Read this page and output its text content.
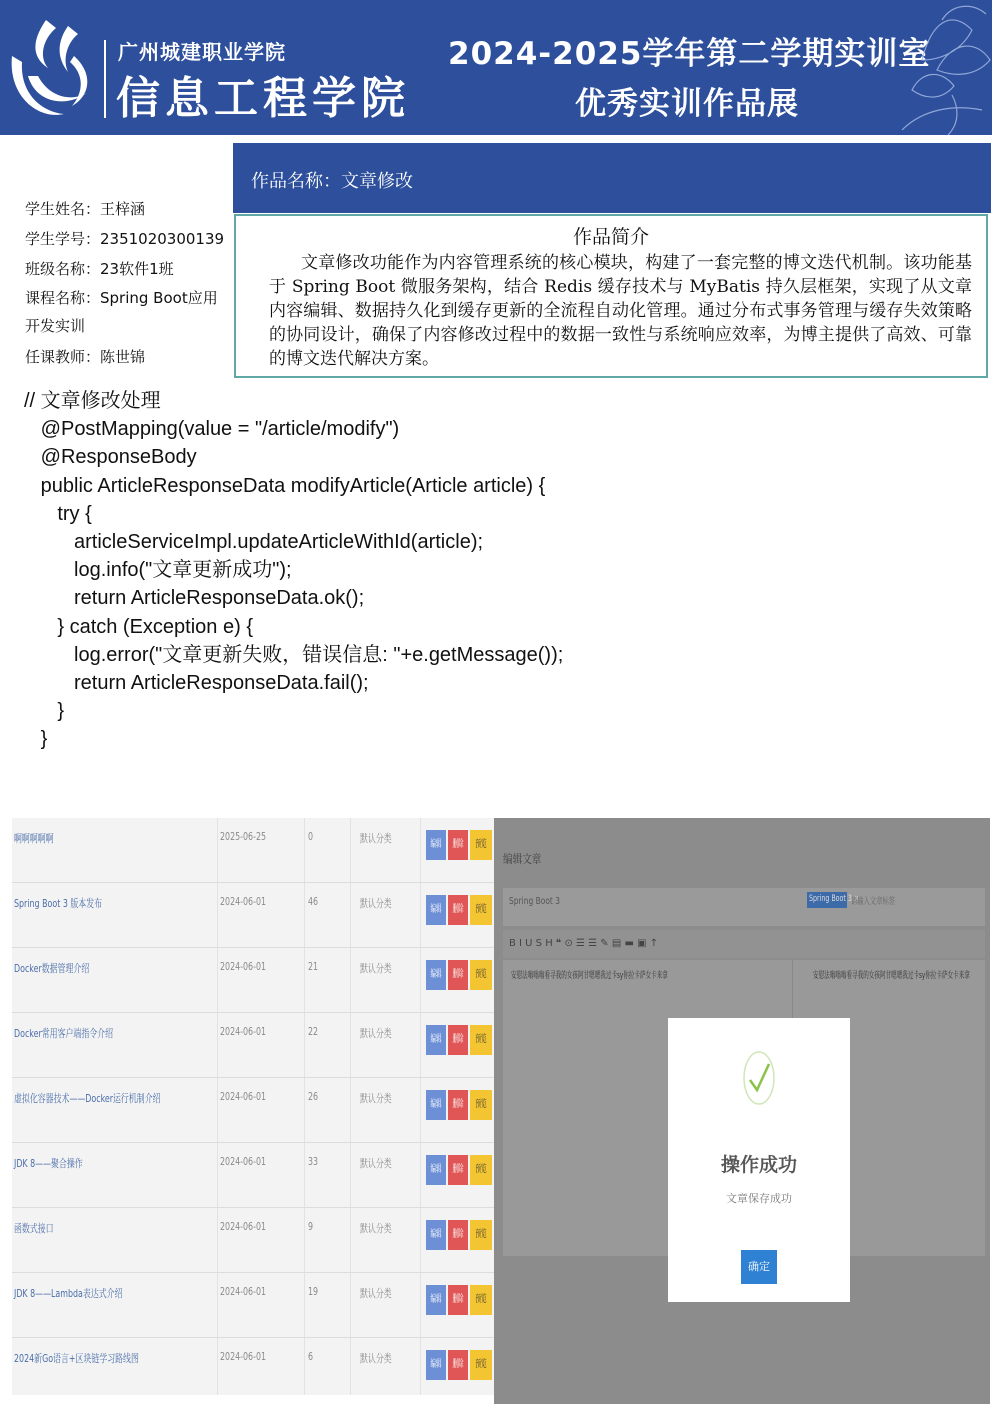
广州城建职业学院
信息工程学院
2024-2025学年第二学期实训室
优秀实训作品展
学生姓名：王梓涵
学生学号：2351020300139
班级名称：23软件1班
课程名称：Spring Boot应用开发实训
任课教师：陈世锦
作品名称：文章修改
作品简介
文章修改功能作为内容管理系统的核心模块，构建了一套完整的博文迭代机制。该功能基于 Spring Boot 微服务架构，结合 Redis 缓存技术与 MyBatis 持久层框架，实现了从文章内容编辑、数据持久化到缓存更新的全流程自动化管理。通过分布式事务管理与缓存失效策略的协同设计，确保了内容修改过程中的数据一致性与系统响应效率，为博主提供了高效、可靠的博文迭代解决方案。
// 文章修改处理
@PostMapping(value = "/article/modify")
@ResponseBody
public ArticleResponseData modifyArticle(Article article) {
try {
articleServiceImpl.updateArticleWithId(article);
log.info("文章更新成功");
return ArticleResponseData.ok();
} catch (Exception e) {
log.error("文章更新失败，错误信息: "+e.getMessage());
return ArticleResponseData.fail();
}
}
啊啊啊啊啊	2025-06-25	0	默认分类	编辑	删除	预览
Spring Boot 3 版本发布	2024-06-01	46	默认分类	编辑	删除	预览
Docker数据管理介绍	2024-06-01	21	默认分类	编辑	删除	预览
Docker常用客户端指令介绍	2024-06-01	22	默认分类	编辑	删除	预览
虚拟化容器技术——Docker运行机制介绍	2024-06-01	26	默认分类	编辑	删除	预览
JDK 8——聚合操作	2024-06-01	33	默认分类	编辑	删除	预览
函数式接口	2024-06-01	9	默认分类	编辑	删除	预览
JDK 8——Lambda表达式介绍	2024-06-01	19	默认分类	编辑	删除	预览
2024新Go语言+区块链学习路线图	2024-06-01	6	默认分类	编辑	删除	预览
编辑文章
Spring Boot 3	Spring Boot 3 ×
请输入文章标签
B I U S H ❝ ⊙ ☰ ☰ ✎ ▤ ▬ ▣ ↑
安慰法嗡嗡嗡看寻我的女孩阿甘嗯嗯我过卡sy你拉卡萨女卡来拿	安慰法嗡嗡嗡看寻我的女孩阿甘嗯嗯我过卡sy你拉卡萨女卡来拿
操作成功
文章保存成功
确定
